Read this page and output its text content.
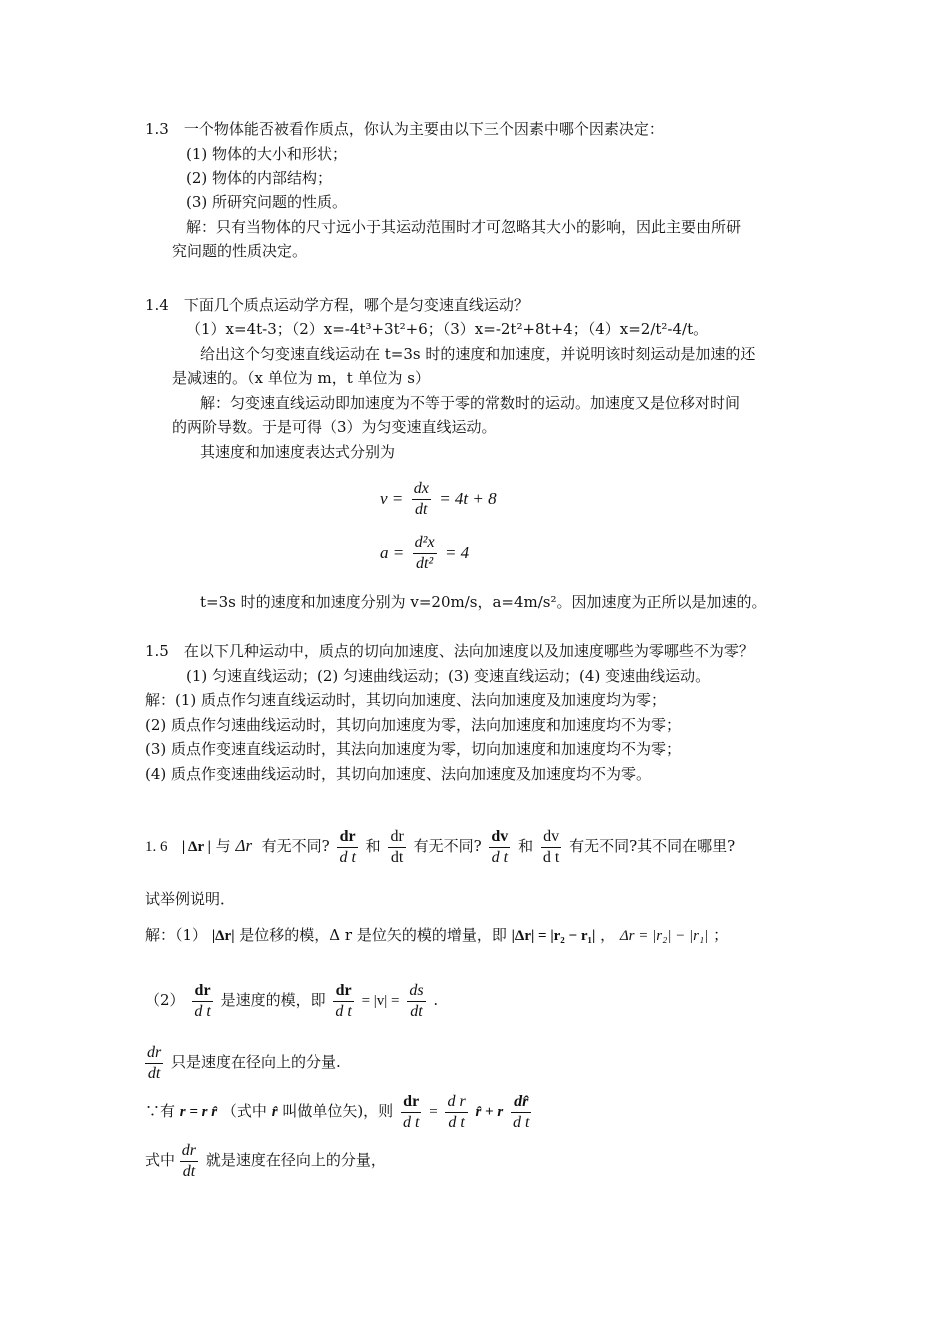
1.3　一个物体能否被看作质点，你认为主要由以下三个因素中哪个因素决定：
(1) 物体的大小和形状；
(2) 物体的内部结构；
(3) 所研究问题的性质。
解：只有当物体的尺寸远小于其运动范围时才可忽略其大小的影响，因此主要由所研
究问题的性质决定。
1.4　下面几个质点运动学方程，哪个是匀变速直线运动？
（1）x=4t-3；（2）x=-4t³+3t²+6；（3）x=-2t²+8t+4；（4）x=2/t²-4/t。
给出这个匀变速直线运动在 t=3s 时的速度和加速度，并说明该时刻运动是加速的还
是减速的。（x 单位为 m，t 单位为 s）
解：匀变速直线运动即加速度为不等于零的常数时的运动。加速度又是位移对时间
的两阶导数。于是可得（3）为匀变速直线运动。
其速度和加速度表达式分别为
$v = \frac{dx}{dt} = 4t + 8$
$a = \frac{\text{d²x}}{\text{dt²}} = 4$
t=3s 时的速度和加速度分别为 v=20m/s，a=4m/s²。因加速度为正所以是加速的。
1.5　在以下几种运动中，质点的切向加速度、法向加速度以及加速度哪些为零哪些不为零？
(1) 匀速直线运动；(2) 匀速曲线运动；(3) 变速直线运动；(4) 变速曲线运动。
解：(1) 质点作匀速直线运动时，其切向加速度、法向加速度及加速度均为零；
(2) 质点作匀速曲线运动时，其切向加速度为零，法向加速度和加速度均不为零；
(3) 质点作变速直线运动时，其法向加速度为零，切向加速度和加速度均不为零；
(4) 质点作变速曲线运动时，其切向加速度、法向加速度及加速度均不为零。
1. 6 | Δr | 与 Δr 有无不同? $\frac{dr}{\text{d t}}$ 和 $\frac{dr}{dt}$ 有无不同? $\frac{dv}{\text{d t}}$ 和 $\frac{dv}{\text{d t}}$ 有无不同?其不同在哪里?
试举例说明．
解：（1） |Δr| 是位移的模，Δ r 是位矢的模的增量，即 |Δr| = |r₂ − r₁| ， Δr = |r₂| − |r₁| ；
$(2) \frac{dr}{\text{d t}}$ 是速度的模，即 $\frac{dr}{\text{d t}} = |v| = \frac{ds}{dt}$ .
$\frac{dr}{dt}$ 只是速度在径向上的分量.
∵有 r = r r̂ （式中 r̂ 叫做单位矢)，则 $\frac{dr}{\text{d t}} = \frac{\text{d r}}{\text{d t}}$ r̂ + r $\frac{dr̂}{\text{d t}}$
式中 $\frac{dr}{dt}$ 就是速度在径向上的分量，
